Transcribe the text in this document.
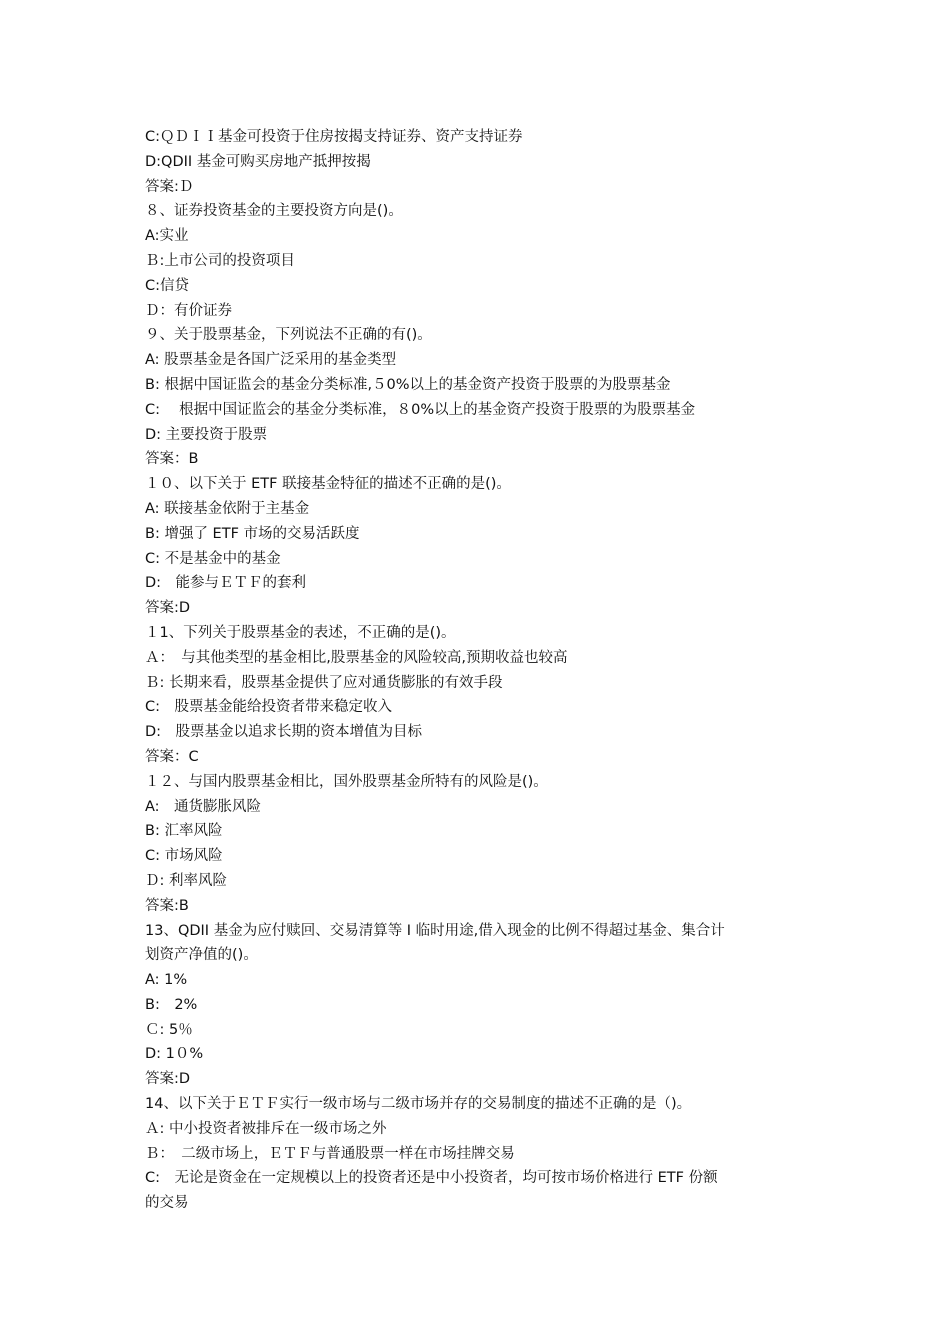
C:ＱＤＩＩ基金可投资于住房按揭支持证券、资产支持证券
D:QDII 基金可购买房地产抵押按揭
答案:Ｄ
８、证券投资基金的主要投资方向是()。
A:实业
Ｂ:上市公司的投资项目
C:信贷
Ｄ：有价证券
９、关于股票基金，下列说法不正确的有()。
A: 股票基金是各国广泛采用的基金类型
B: 根据中国证监会的基金分类标准,５0%以上的基金资产投资于股票的为股票基金
C:　 根据中国证监会的基金分类标准，８0%以上的基金资产投资于股票的为股票基金
D: 主要投资于股票
答案：B
１０、以下关于 ETF 联接基金特征的描述不正确的是()。
A: 联接基金依附于主基金
B: 增强了 ETF 市场的交易活跃度
C: 不是基金中的基金
D:　能参与ＥＴＦ的套利
答案:D
１1、下列关于股票基金的表述，不正确的是()。
Ａ：　与其他类型的基金相比,股票基金的风险较高,预期收益也较高
Ｂ: 长期来看，股票基金提供了应对通货膨胀的有效手段
C:　股票基金能给投资者带来稳定收入
D:　股票基金以追求长期的资本增值为目标
答案：C
１２、与国内股票基金相比，国外股票基金所特有的风险是()。
A:　通货膨胀风险
B: 汇率风险
C: 市场风险
Ｄ: 利率风险
答案:B
13、QDII 基金为应付赎回、交易清算等 I 临时用途,借入现金的比例不得超过基金、集合计
划资产净值的()。
A: 1%
B:　2%
Ｃ: 5％
D: 1０%
答案:D
14、以下关于ＥＴＦ实行一级市场与二级市场并存的交易制度的描述不正确的是（)。
Ａ: 中小投资者被排斥在一级市场之外
Ｂ：　二级市场上，ＥＴＦ与普通股票一样在市场挂牌交易
C:　无论是资金在一定规模以上的投资者还是中小投资者，均可按市场价格进行 ETF 份额
的交易
